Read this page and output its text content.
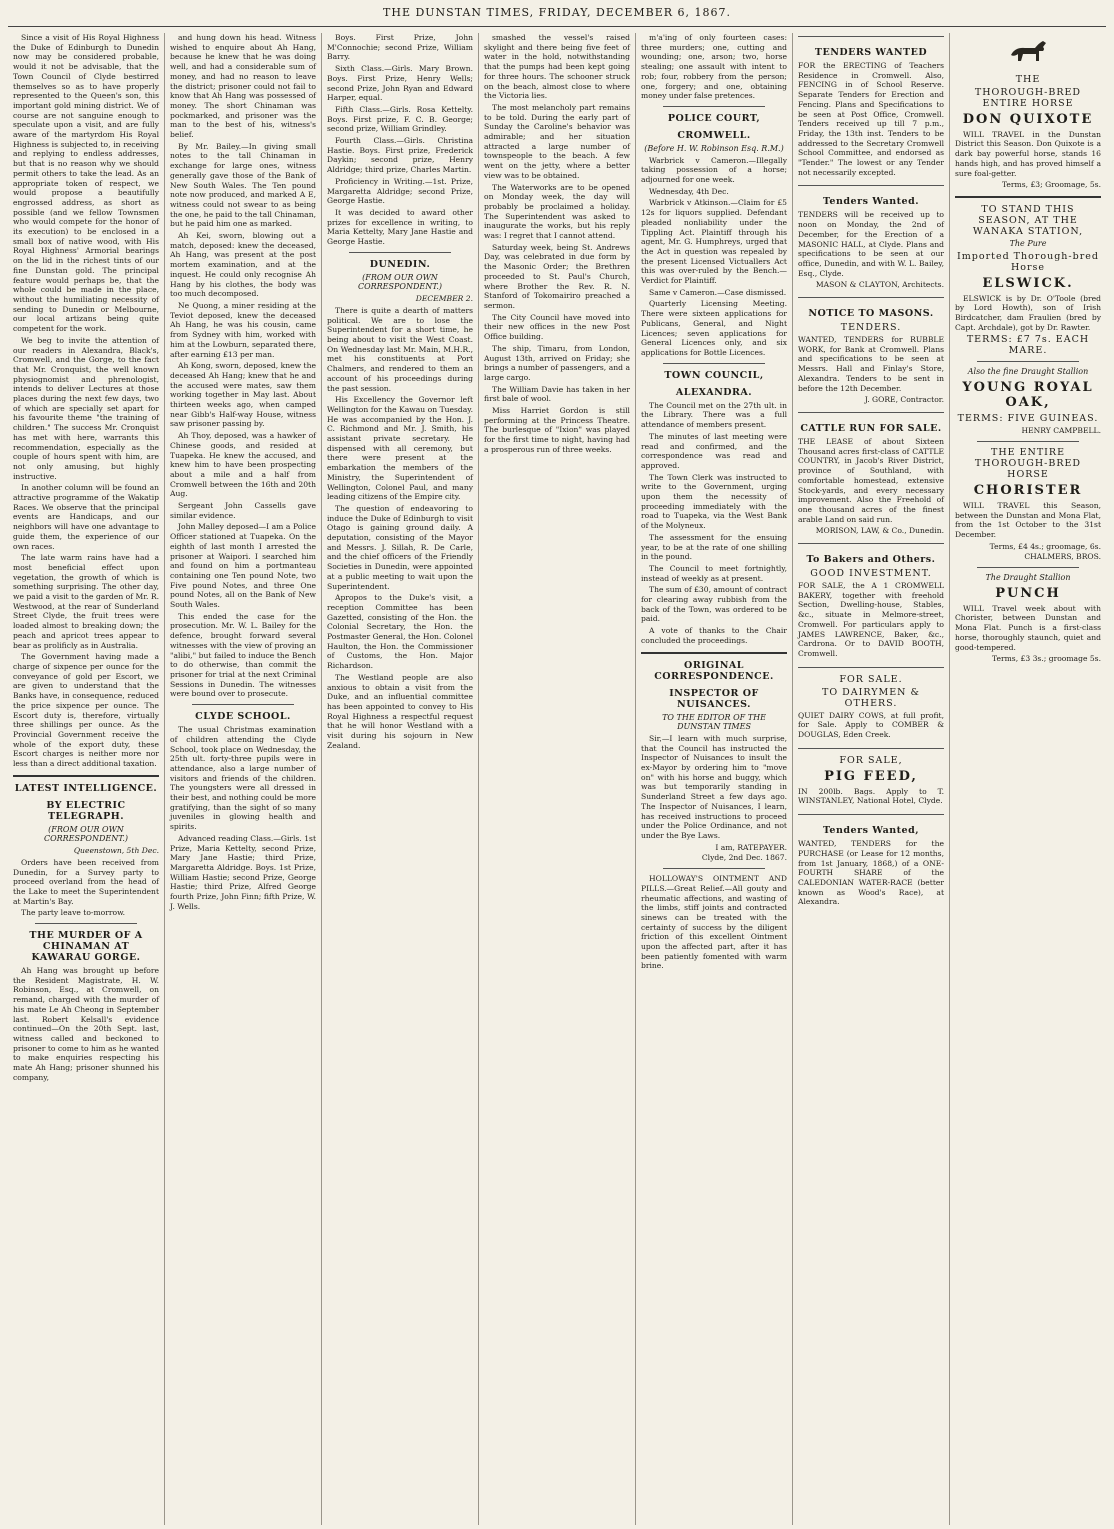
THE DUNSTAN TIMES, FRIDAY, DECEMBER 6, 1867.

Since a visit of His Royal Highness the Duke of Edinburgh to Dunedin now may be considered probable, would it not be advisable, that the Town Council of Clyde bestirred themselves so as to have properly represented to the Queen's son, this important gold mining district. We of course are not sanguine enough to speculate upon a visit, and are fully aware of the martyrdom His Royal Highness is subjected to, in receiving and replying to endless addresses, but that is no reason why we should permit others to take the lead. As an appropriate token of respect, we would propose a beautifully engrossed address, as short as possible (and we fellow Townsmen who would compete for the honor of its execution) to be enclosed in a small box of native wood, with His Royal Highness' Armorial bearings on the lid in the richest tints of our fine Dunstan gold. The principal feature would perhaps be, that the whole could be made in the place, without the humiliating necessity of sending to Dunedin or Melbourne, our local artizans being quite competent for the work.

We beg to invite the attention of our readers in Alexandra, Black's, Cromwell, and the Gorge, to the fact that Mr. Cronquist, the well known physiognomist and phrenologist, intends to deliver Lectures at those places during the next few days, two of which are specially set apart for his favourite theme "the training of children." The success Mr. Cronquist has met with here, warrants this recommendation, especially as the couple of hours spent with him, are not only amusing, but highly instructive.

In another column will be found an attractive programme of the Wakatip Races. We observe that the principal events are Handicaps, and our neighbors will have one advantage to guide them, the experience of our own races.

The late warm rains have had a most beneficial effect upon vegetation, the growth of which is something surprising. The other day, we paid a visit to the garden of Mr. R. Westwood, at the rear of Sunderland Street Clyde, the fruit trees were loaded almost to breaking down; the peach and apricot trees appear to bear as prolificly as in Australia.

The Government having made a charge of sixpence per ounce for the conveyance of gold per Escort, we are given to understand that the Banks have, in consequence, reduced the price sixpence per ounce. The Escort duty is, therefore, virtually three shillings per ounce. As the Provincial Government receive the whole of the export duty, these Escort charges is neither more nor less than a direct additional taxation.

LATEST INTELLIGENCE.
BY ELECTRIC TELEGRAPH.
(FROM OUR OWN CORRESPONDENT.)
Queenstown, 5th Dec.

Orders have been received from Dunedin, for a Survey party to proceed overland from the head of the Lake to meet the Superintendent at Martin's Bay.

The party leave to-morrow.

THE MURDER OF A CHINAMAN AT KAWARAU GORGE.

Ah Hang was brought up before the Resident Magistrate, H. W. Robinson, Esq., at Cromwell, on remand, charged with the murder of his mate Le Ah Cheong in September last. Robert Kelsall's evidence continued—On the 20th Sept. last, witness called and beckoned to prisoner to come to him as he wanted to make enquiries respecting his mate Ah Hang; prisoner shunned his company,

and hung down his head. Witness wished to enquire about Ah Hang, because he knew that he was doing well, and had a considerable sum of money, and had no reason to leave the district; prisoner could not fail to know that Ah Hang was possessed of money. The short Chinaman was pockmarked, and prisoner was the man to the best of his, witness's belief.

By Mr. Bailey.—In giving small notes to the tall Chinaman in exchange for large ones, witness generally gave those of the Bank of New South Wales. The Ten pound note now produced, and marked A E, witness could not swear to as being the one, he paid to the tall Chinaman, but he paid him one as marked.

Ah Kei, sworn, blowing out a match, deposed: knew the deceased, Ah Hang, was present at the post mortem examination, and at the inquest. He could only recognise Ah Hang by his clothes, the body was too much decomposed.

Ne Quong, a miner residing at the Teviot deposed, knew the deceased Ah Hang, he was his cousin, came from Sydney with him, worked with him at the Lowburn, separated there, after earning £13 per man.

Ah Kong, sworn, deposed, knew the deceased Ah Hang; knew that he and the accused were mates, saw them working together in May last. About thirteen weeks ago, when camped near Gibb's Half-way House, witness saw prisoner passing by.

Ah Thoy, deposed, was a hawker of Chinese goods, and resided at Tuapeka. He knew the accused, and knew him to have been prospecting about a mile and a half from Cromwell between the 16th and 20th Aug.

Sergeant John Cassells gave similar evidence.

John Malley deposed—I am a Police Officer stationed at Tuapeka. On the eighth of last month I arrested the prisoner at Waipori. I searched him and found on him a portmanteau containing one Ten pound Note, two Five pound Notes, and three One pound Notes, all on the Bank of New South Wales.

This ended the case for the prosecution. Mr. W. L. Bailey for the defence, brought forward several witnesses with the view of proving an "alibi," but failed to induce the Bench to do otherwise, than commit the prisoner for trial at the next Criminal Sessions in Dunedin. The witnesses were bound over to prosecute.

CLYDE SCHOOL.

The usual Christmas examination of children attending the Clyde School, took place on Wednesday, the 25th ult. forty-three pupils were in attendance, also a large number of visitors and friends of the children. The youngsters were all dressed in their best, and nothing could be more gratifying, than the sight of so many juveniles in glowing health and spirits.

Advanced reading Class.—Girls. 1st Prize, Maria Kettelty, second Prize, Mary Jane Hastie; third Prize, Margaretta Aldridge. Boys. 1st Prize, William Hastie; second Prize, George Hastie; third Prize, Alfred George fourth Prize, John Finn; fifth Prize, W. J. Wells.

Boys. First Prize, John M'Connochie; second Prize, William Barry.

Sixth Class.—Girls. Mary Brown. Boys. First Prize, Henry Wells; second Prize, John Ryan and Edward Harper, equal.

Fifth Class.—Girls. Rosa Kettelty. Boys. First prize, F. C. B. George; second prize, William Grindley.

Fourth Class.—Girls. Christina Hastie. Boys. First prize, Frederick Daykin; second prize, Henry Aldridge; third prize, Charles Martin.

Proficiency in Writing.—1st. Prize, Margaretta Aldridge; second Prize, George Hastie.

It was decided to award other prizes for excellence in writing, to Maria Kettelty, Mary Jane Hastie and George Hastie.

DUNEDIN.
(FROM OUR OWN CORRESPONDENT.)
DECEMBER 2.

There is quite a dearth of matters political. We are to lose the Superintendent for a short time, he being about to visit the West Coast. On Wednesday last Mr. Main, M.H.R., met his constituents at Port Chalmers, and rendered to them an account of his proceedings during the past session.

His Excellency the Governor left Wellington for the Kawau on Tuesday. He was accompanied by the Hon. J. C. Richmond and Mr. J. Smith, his assistant private secretary. He dispensed with all ceremony, but there were present at the embarkation the members of the Ministry, the Superintendent of Wellington, Colonel Paul, and many leading citizens of the Empire city.

The question of endeavoring to induce the Duke of Edinburgh to visit Otago is gaining ground daily. A deputation, consisting of the Mayor and Messrs. J. Sillah, R. De Carle, and the chief officers of the Friendly Societies in Dunedin, were appointed at a public meeting to wait upon the Superintendent.

Apropos to the Duke's visit, a reception Committee has been Gazetted, consisting of the Hon. the Colonial Secretary, the Hon. the Postmaster General, the Hon. Colonel Haulton, the Hon. the Commissioner of Customs, the Hon. Major Richardson.

The Westland people are also anxious to obtain a visit from the Duke, and an influential committee has been appointed to convey to His Royal Highness a respectful request that he will honor Westland with a visit during his sojourn in New Zealand.

smashed the vessel's raised skylight and there being five feet of water in the hold, notwithstanding that the pumps had been kept going for three hours. The schooner struck on the beach, almost close to where the Victoria lies.

The most melancholy part remains to be told. During the early part of Sunday the Caroline's behavior was admirable; and her situation attracted a large number of townspeople to the beach. A few went on the jetty, where a better view was to be obtained.

The Waterworks are to be opened on Monday week, the day will probably be proclaimed a holiday. The Superintendent was asked to inaugurate the works, but his reply was: I regret that I cannot attend.

Saturday week, being St. Andrews Day, was celebrated in due form by the Masonic Order; the Brethren proceeded to St. Paul's Church, where Brother the Rev. R. N. Stanford of Tokomairiro preached a sermon.

The City Council have moved into their new offices in the new Post Office building.

The ship, Timaru, from London, August 13th, arrived on Friday; she brings a number of passengers, and a large cargo.

The William Davie has taken in her first bale of wool.

Miss Harriet Gordon is still performing at the Princess Theatre. The burlesque of "Ixion" was played for the first time to night, having had a prosperous run of three weeks.

m'a'ing of only fourteen cases: three murders; one, cutting and wounding; one, arson; two, horse stealing; one assault with intent to rob; four, robbery from the person; one, forgery; and one, obtaining money under false pretences.

POLICE COURT,
CROMWELL.
(Before H. W. Robinson Esq. R.M.)

Warbrick v Cameron.—Illegally taking possession of a horse; adjourned for one week.

Wednesday, 4th Dec.

Warbrick v Atkinson.—Claim for £5 12s for liquors supplied. Defendant pleaded nonliability under the Tippling Act. Plaintiff through his agent, Mr. G. Humphreys, urged that the Act in question was repealed by the present Licensed Victuallers Act this was over-ruled by the Bench.—Verdict for Plaintiff.

Same v Cameron.—Case dismissed.

Quarterly Licensing Meeting. There were sixteen applications for Publicans, General, and Night Licences; seven applications for General Licences only, and six applications for Bottle Licences.

TOWN COUNCIL,
ALEXANDRA.

The Council met on the 27th ult. in the Library. There was a full attendance of members present.

The minutes of last meeting were read and confirmed, and the correspondence was read and approved.

The Town Clerk was instructed to write to the Government, urging upon them the necessity of proceeding immediately with the road to Tuapeka, via the West Bank of the Molyneux.

The assessment for the ensuing year, to be at the rate of one shilling in the pound.

The Council to meet fortnightly, instead of weekly as at present.

The sum of £30, amount of contract for clearing away rubbish from the back of the Town, was ordered to be paid.

A vote of thanks to the Chair concluded the proceedings.

ORIGINAL CORRESPONDENCE.
INSPECTOR OF NUISANCES.
TO THE EDITOR OF THE DUNSTAN TIMES

Sir,—I learn with much surprise, that the Council has instructed the Inspector of Nuisances to insult the ex-Mayor by ordering him to "move on" with his horse and buggy, which was but temporarily standing in Sunderland Street a few days ago. The Inspector of Nuisances, I learn, has received instructions to proceed under the Police Ordinance, and not under the Bye Laws.

I am, RATEPAYER.
Clyde, 2nd Dec. 1867.

HOLLOWAY'S OINTMENT AND PILLS.—Great Relief.—All gouty and rheumatic affections, and wasting of the limbs, stiff joints and contracted sinews can be treated with the certainty of success by the diligent friction of this excellent Ointment upon the affected part, after it has been patiently fomented with warm brine.

TENDERS WANTED

FOR the ERECTING of Teachers Residence in Cromwell. Also, FENCING in of School Reserve. Separate Tenders for Erection and Fencing. Plans and Specifications to be seen at Post Office, Cromwell. Tenders received up till 7 p.m., Friday, the 13th inst. Tenders to be addressed to the Secretary Cromwell School Committee, and endorsed as "Tender." The lowest or any Tender not necessarily excepted.

Tenders Wanted.

TENDERS will be received up to noon on Monday, the 2nd of December, for the Erection of a MASONIC HALL, at Clyde. Plans and specifications to be seen at our office, Dunedin, and with W. L. Bailey, Esq., Clyde.

MASON & CLAYTON, Architects.
NOTICE TO MASONS.
TENDERS.

WANTED, TENDERS for RUBBLE WORK, for Bank at Cromwell. Plans and specifications to be seen at Messrs. Hall and Finlay's Store, Alexandra. Tenders to be sent in before the 12th December.

J. GORE, Contractor.
CATTLE RUN FOR SALE.

THE LEASE of about Sixteen Thousand acres first-class of CATTLE COUNTRY, in Jacob's River District, province of Southland, with comfortable homestead, extensive Stock-yards, and every necessary improvement. Also the Freehold of one thousand acres of the finest arable Land on said run.

MORISON, LAW, & Co., Dunedin.
To Bakers and Others.
GOOD INVESTMENT.

FOR SALE, the A 1 CROMWELL BAKERY, together with freehold Section, Dwelling-house, Stables, &c., situate in Melmore-street, Cromwell. For particulars apply to JAMES LAWRENCE, Baker, &c., Cardrona. Or to DAVID BOOTH, Cromwell.

FOR SALE.
TO DAIRYMEN & OTHERS.

QUIET DAIRY COWS, at full profit, for Sale. Apply to COMBER & DOUGLAS, Eden Creek.

FOR SALE,
PIG FEED,

IN 200lb. Bags. Apply to T. WINSTANLEY, National Hotel, Clyde.

Tenders Wanted,

WANTED, TENDERS for the PURCHASE (or Lease for 12 months, from 1st January, 1868,) of a ONE-FOURTH SHARE of the CALEDONIAN WATER-RACE (better known as Wood's Race), at Alexandra.

THE
THOROUGH-BRED ENTIRE HORSE
DON QUIXOTE

WILL TRAVEL in the Dunstan District this Season. Don Quixote is a dark bay powerful horse, stands 16 hands high, and has proved himself a sure foal-getter.

Terms, £3; Groomage, 5s.
TO STAND THIS SEASON, AT THE WANAKA STATION,
The Pure
Imported Thorough-bred Horse
ELSWICK.

ELSWICK is by Dr. O'Toole (bred by Lord Howth), son of Irish Birdcatcher, dam Fraulien (bred by Capt. Archdale), got by Dr. Rawter.

TERMS: £7 7s. EACH MARE.
Also the fine Draught Stallion
YOUNG ROYAL OAK,
TERMS: FIVE GUINEAS.
HENRY CAMPBELL.
THE ENTIRE THOROUGH-BRED HORSE
CHORISTER

WILL TRAVEL this Season, between the Dunstan and Mona Flat, from the 1st October to the 31st December.

Terms, £4 4s.; groomage, 6s.
CHALMERS, BROS.
The Draught Stallion
PUNCH

WILL Travel week about with Chorister, between Dunstan and Mona Flat. Punch is a first-class horse, thoroughly staunch, quiet and good-tempered.

Terms, £3 3s.; groomage 5s.
